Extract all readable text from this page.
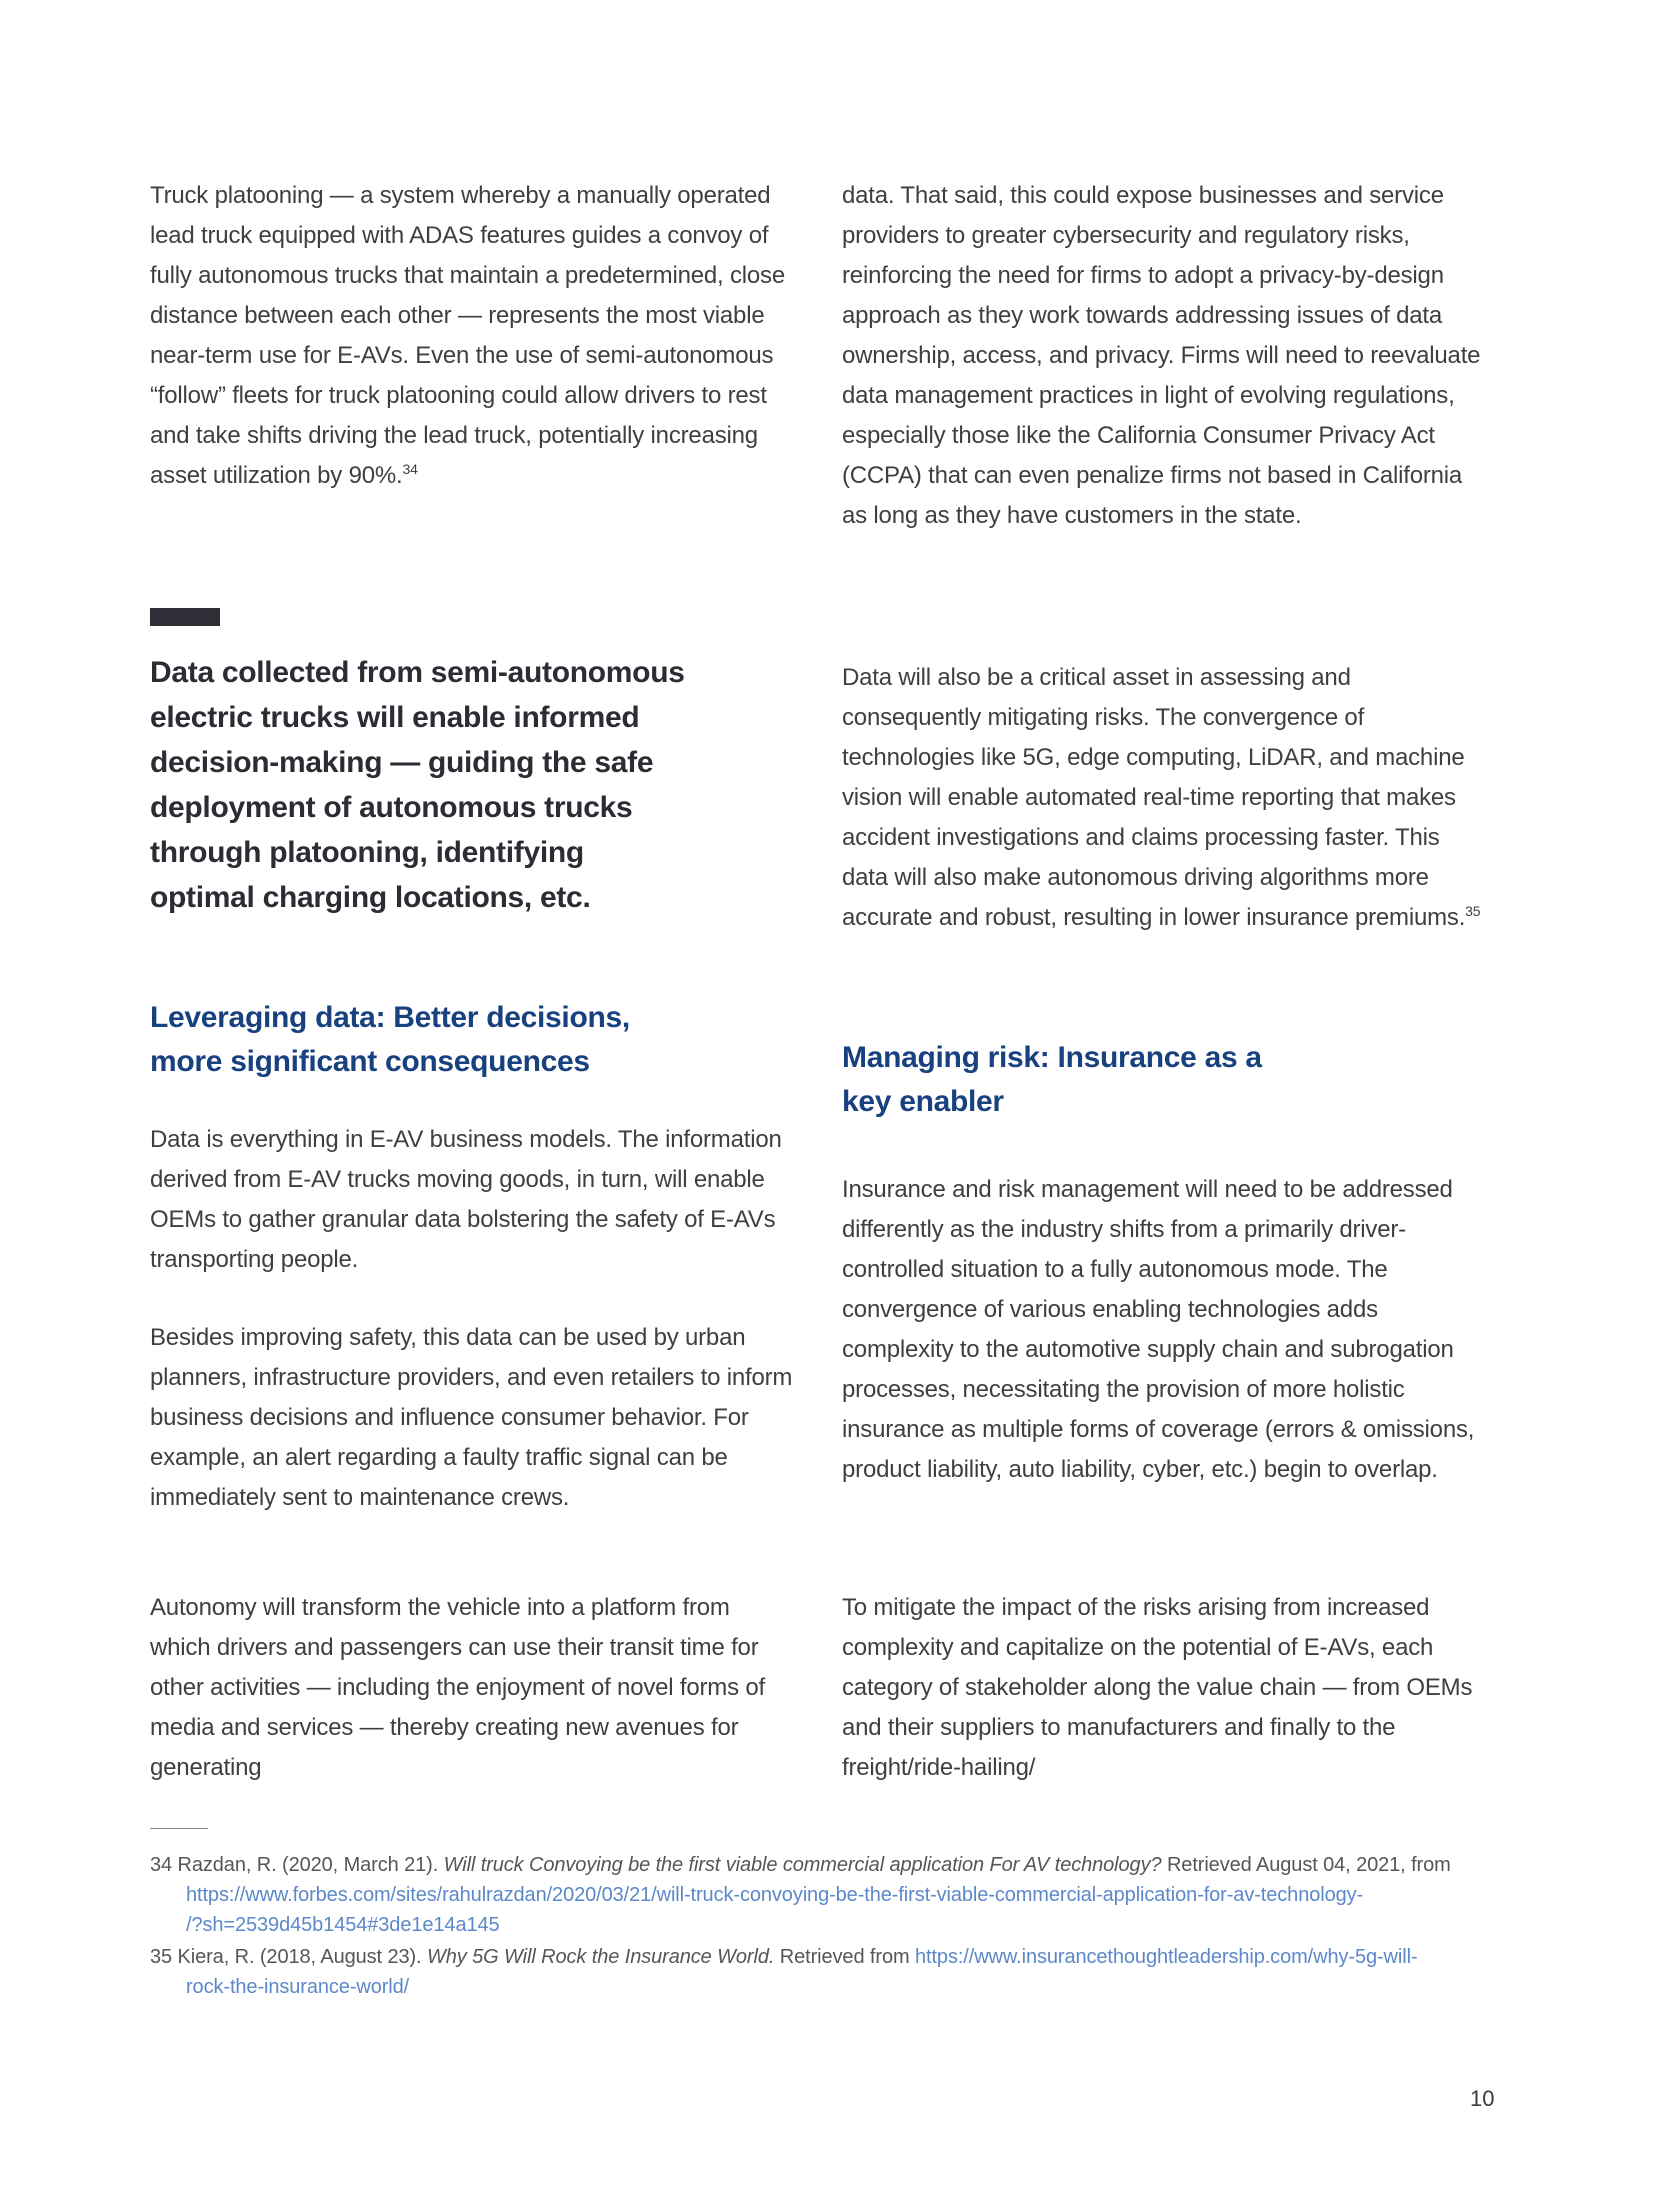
Truck platooning — a system whereby a manually operated lead truck equipped with ADAS features guides a convoy of fully autonomous trucks that maintain a predetermined, close distance between each other — represents the most viable near-term use for E-AVs. Even the use of semi-autonomous “follow” fleets for truck platooning could allow drivers to rest and take shifts driving the lead truck, potentially increasing asset utilization by 90%.$^{34}$
Data collected from semi-autonomous
electric trucks will enable informed
decision-making — guiding the safe
deployment of autonomous trucks
through platooning, identifying
optimal charging locations, etc.
Leveraging data: Better decisions,
more significant consequences
Data is everything in E-AV business models. The information derived from E-AV trucks moving goods, in turn, will enable OEMs to gather granular data bolstering the safety of E-AVs transporting people.
Besides improving safety, this data can be used by urban planners, infrastructure providers, and even retailers to inform business decisions and influence consumer behavior. For example, an alert regarding a faulty traffic signal can be immediately sent to maintenance crews.
Autonomy will transform the vehicle into a platform from which drivers and passengers can use their transit time for other activities — including the enjoyment of novel forms of media and services — thereby creating new avenues for generating
data. That said, this could expose businesses and service providers to greater cybersecurity and regulatory risks, reinforcing the need for firms to adopt a privacy-by-design approach as they work towards addressing issues of data ownership, access, and privacy. Firms will need to reevaluate data management practices in light of evolving regulations, especially those like the California Consumer Privacy Act (CCPA) that can even penalize firms not based in California as long as they have customers in the state.
Data will also be a critical asset in assessing and consequently mitigating risks. The convergence of technologies like 5G, edge computing, LiDAR, and machine vision will enable automated real-time reporting that makes accident investigations and claims processing faster. This data will also make autonomous driving algorithms more accurate and robust, resulting in lower insurance premiums.$^{35}$
Managing risk: Insurance as a
key enabler
Insurance and risk management will need to be addressed differently as the industry shifts from a primarily driver-controlled situation to a fully autonomous mode. The convergence of various enabling technologies adds complexity to the automotive supply chain and subrogation processes, necessitating the provision of more holistic insurance as multiple forms of coverage (errors & omissions, product liability, auto liability, cyber, etc.) begin to overlap.
To mitigate the impact of the risks arising from increased complexity and capitalize on the potential of E-AVs, each category of stakeholder along the value chain — from OEMs and their suppliers to manufacturers and finally to the freight/ride-hailing/
34 Razdan, R. (2020, March 21). Will truck Convoying be the first viable commercial application For AV technology? Retrieved August 04, 2021, from
https://www.forbes.com/sites/rahulrazdan/2020/03/21/will-truck-convoying-be-the-first-viable-commercial-application-for-av-technology-
/?sh=2539d45b1454#3de1e14a145
35 Kiera, R. (2018, August 23). Why 5G Will Rock the Insurance World. Retrieved from https://www.insurancethoughtleadership.com/why-5g-will-
rock-the-insurance-world/
10
